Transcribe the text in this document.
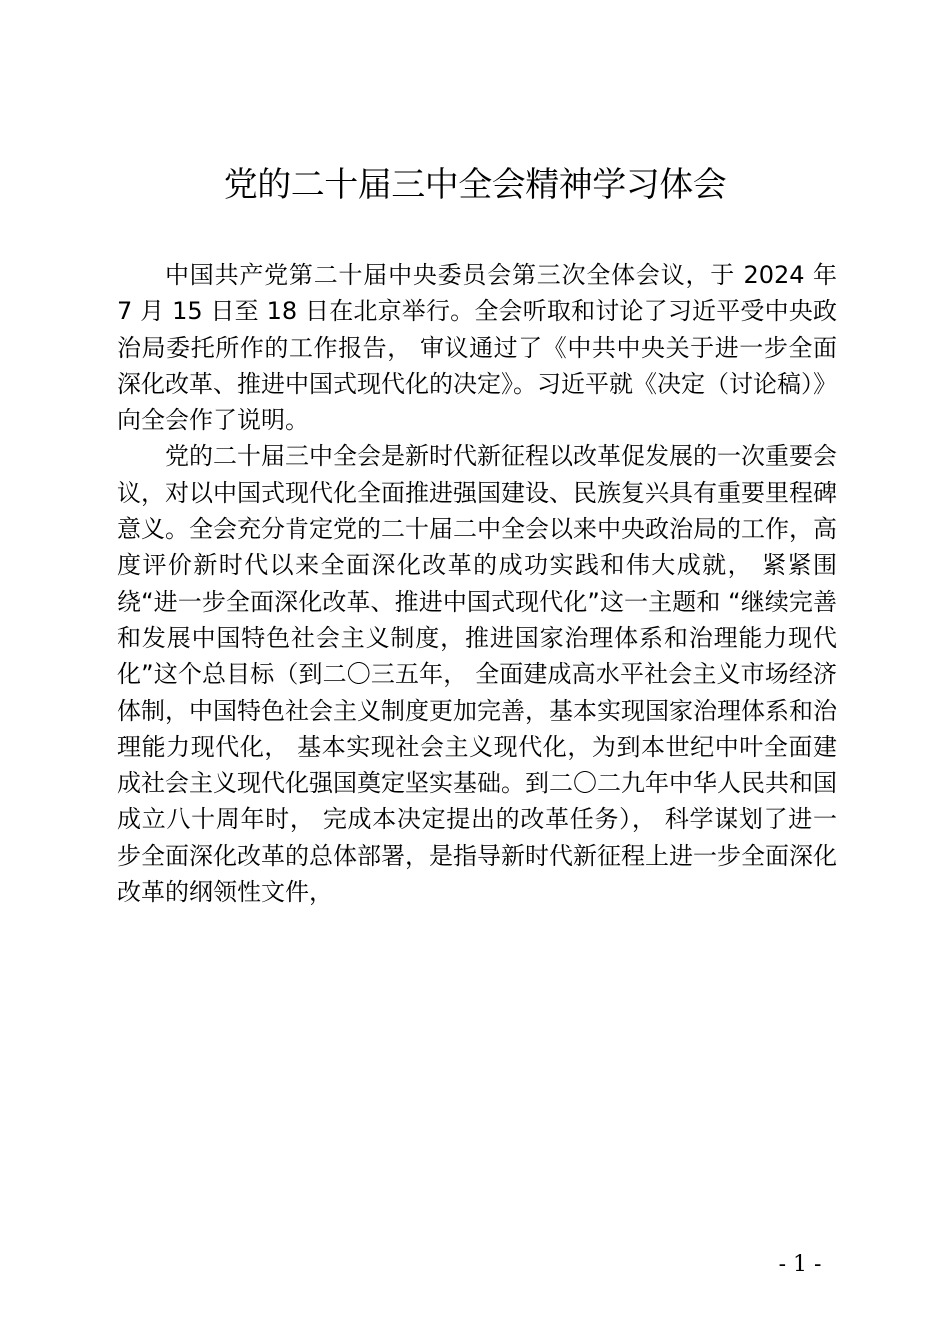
党的二十届三中全会精神学习体会

中国共产党第二十届中央委员会第三次全体会议，于 2024 年 7 月 15 日至 18 日在北京举行。全会听取和讨论了习近平受中央政治局委托所作的工作报告， 审议通过了《中共中央关于进一步全面深化改革、推进中国式现代化的决定》。习近平就《决定（讨论稿）》向全会作了说明。

党的二十届三中全会是新时代新征程以改革促发展的一次重要会议，对以中国式现代化全面推进强国建设、民族复兴具有重要里程碑意义。全会充分肯定党的二十届二中全会以来中央政治局的工作，高度评价新时代以来全面深化改革的成功实践和伟大成就， 紧紧围绕“进一步全面深化改革、推进中国式现代化”这一主题和 “继续完善和发展中国特色社会主义制度，推进国家治理体系和治理能力现代化”这个总目标（到二〇三五年， 全面建成高水平社会主义市场经济体制，中国特色社会主义制度更加完善，基本实现国家治理体系和治理能力现代化， 基本实现社会主义现代化，为到本世纪中叶全面建成社会主义现代化强国奠定坚实基础。到二〇二九年中华人民共和国成立八十周年时， 完成本决定提出的改革任务）， 科学谋划了进一步全面深化改革的总体部署，是指导新时代新征程上进一步全面深化改革的纲领性文件，

- 1 -
